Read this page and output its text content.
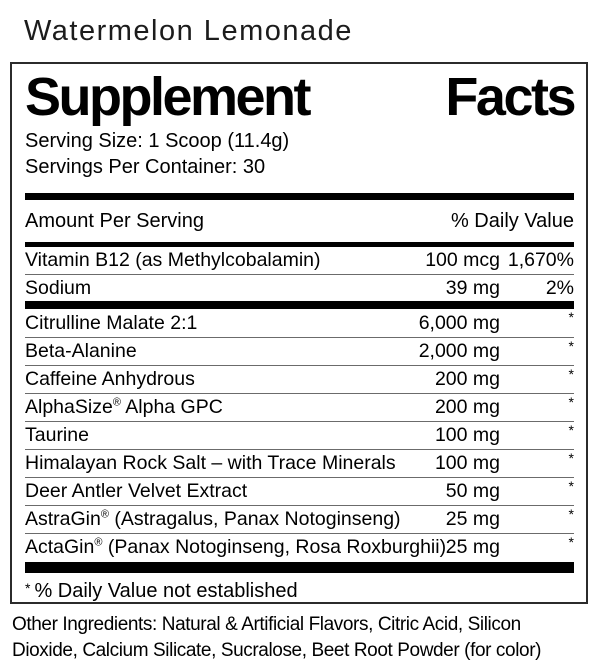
Watermelon Lemonade
Supplement	Facts
Serving Size: 1 Scoop (11.4g)
Servings Per Container: 30
Amount Per Serving	% Daily Value
Vitamin B12 (as Methylcobalamin)	100 mcg 1,670%
Sodium	39 mg	2%
Citrulline Malate 2:1	6,000 mg	*
Beta-Alanine	2,000 mg	*
Caffeine Anhydrous	200 mg	*
AlphaSize® Alpha GPC	200 mg	*
Taurine	100 mg	*
Himalayan Rock Salt – with Trace Minerals	100 mg	*
Deer Antler Velvet Extract	50 mg	*
AstraGin® (Astragalus, Panax Notoginseng)	25 mg	*
ActaGin® (Panax Notoginseng, Rosa Roxburghii) 25 mg	*
* % Daily Value not established
Other Ingredients: Natural & Artificial Flavors, Citric Acid, Silicon
Dioxide, Calcium Silicate, Sucralose, Beet Root Powder (for color)
